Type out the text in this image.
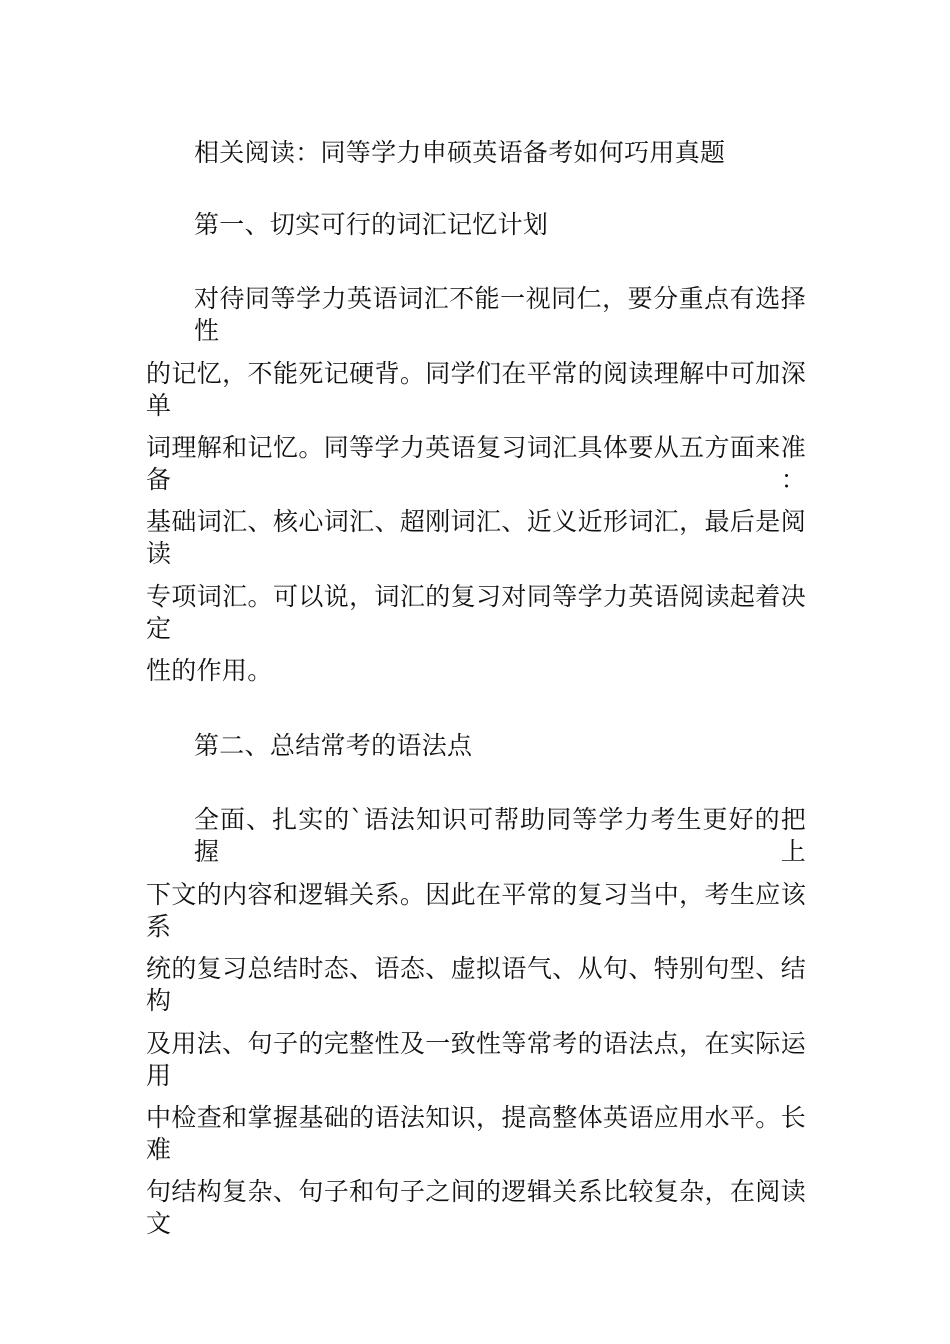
相关阅读：同等学力申硕英语备考如何巧用真题
第一、切实可行的词汇记忆计划
对待同等学力英语词汇不能一视同仁，要分重点有选择性
的记忆，不能死记硬背。同学们在平常的阅读理解中可加深单
词理解和记忆。同等学力英语复习词汇具体要从五方面来准备：
基础词汇、核心词汇、超刚词汇、近义近形词汇，最后是阅读
专项词汇。可以说，词汇的复习对同等学力英语阅读起着决定
性的作用。
第二、总结常考的语法点
全面、扎实的`语法知识可帮助同等学力考生更好的把握上
下文的内容和逻辑关系。因此在平常的复习当中，考生应该系
统的复习总结时态、语态、虚拟语气、从句、特别句型、结构
及用法、句子的完整性及一致性等常考的语法点，在实际运用
中检查和掌握基础的语法知识，提高整体英语应用水平。长难
句结构复杂、句子和句子之间的逻辑关系比较复杂，在阅读文
